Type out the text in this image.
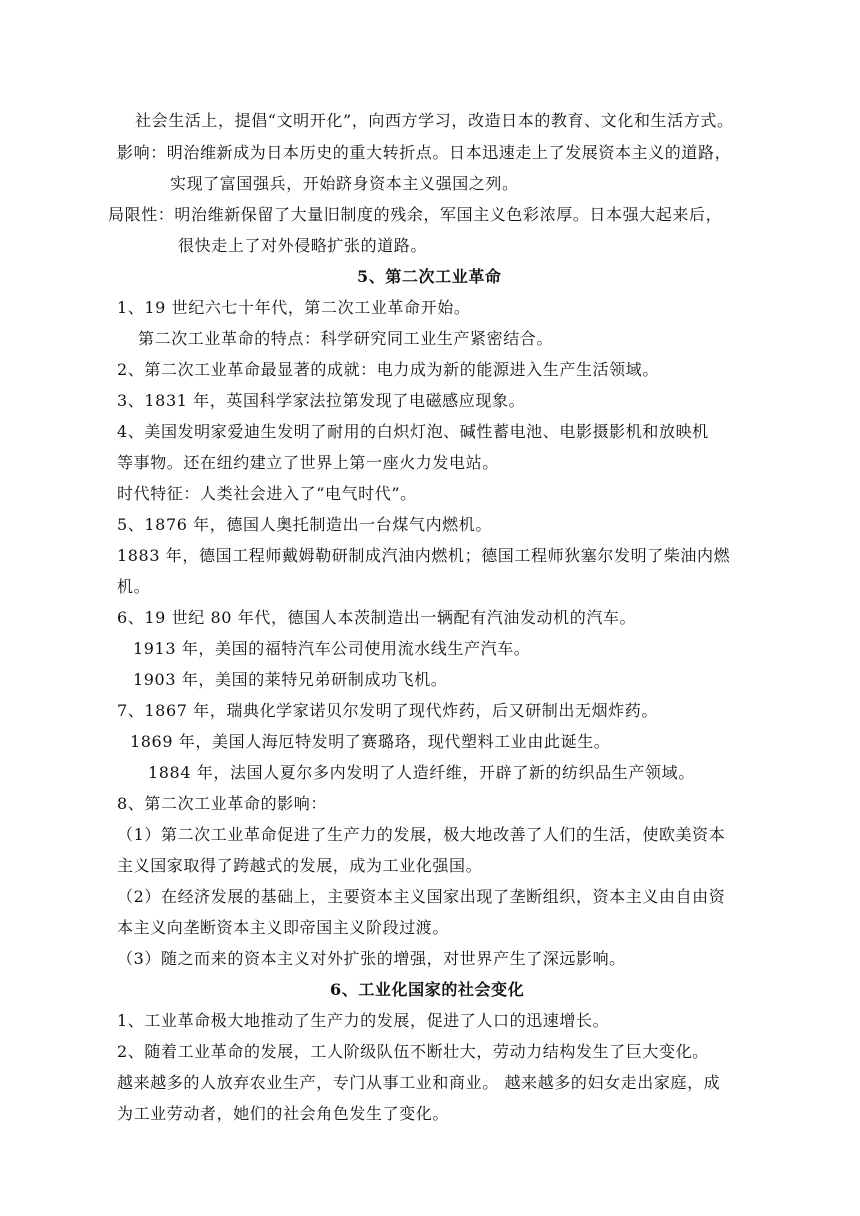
社会生活上，提倡“文明开化”，向西方学习，改造日本的教育、文化和生活方式。
影响：明治维新成为日本历史的重大转折点。日本迅速走上了发展资本主义的道路，
实现了富国强兵，开始跻身资本主义强国之列。
局限性：明治维新保留了大量旧制度的残余，军国主义色彩浓厚。日本强大起来后，
很快走上了对外侵略扩张的道路。
5、第二次工业革命
1、19 世纪六七十年代，第二次工业革命开始。
第二次工业革命的特点：科学研究同工业生产紧密结合。
2、第二次工业革命最显著的成就：电力成为新的能源进入生产生活领域。
3、1831 年，英国科学家法拉第发现了电磁感应现象。
4、美国发明家爱迪生发明了耐用的白炽灯泡、碱性蓄电池、电影摄影机和放映机
等事物。还在纽约建立了世界上第一座火力发电站。
时代特征：人类社会进入了“电气时代”。
5、1876 年，德国人奥托制造出一台煤气内燃机。
1883 年，德国工程师戴姆勒研制成汽油内燃机；德国工程师狄塞尔发明了柴油内燃
机。
6、19 世纪 80 年代，德国人本茨制造出一辆配有汽油发动机的汽车。
1913 年，美国的福特汽车公司使用流水线生产汽车。
1903 年，美国的莱特兄弟研制成功飞机。
7、1867 年，瑞典化学家诺贝尔发明了现代炸药，后又研制出无烟炸药。
1869 年，美国人海厄特发明了赛璐珞，现代塑料工业由此诞生。
1884 年，法国人夏尔多内发明了人造纤维，开辟了新的纺织品生产领域。
8、第二次工业革命的影响：
（1）第二次工业革命促进了生产力的发展，极大地改善了人们的生活，使欧美资本
主义国家取得了跨越式的发展，成为工业化强国。
（2）在经济发展的基础上，主要资本主义国家出现了垄断组织，资本主义由自由资
本主义向垄断资本主义即帝国主义阶段过渡。
（3）随之而来的资本主义对外扩张的增强，对世界产生了深远影响。
6、工业化国家的社会变化
1、工业革命极大地推动了生产力的发展，促进了人口的迅速增长。
2、随着工业革命的发展，工人阶级队伍不断壮大，劳动力结构发生了巨大变化。
越来越多的人放弃农业生产，专门从事工业和商业。 越来越多的妇女走出家庭，成
为工业劳动者，她们的社会角色发生了变化。
